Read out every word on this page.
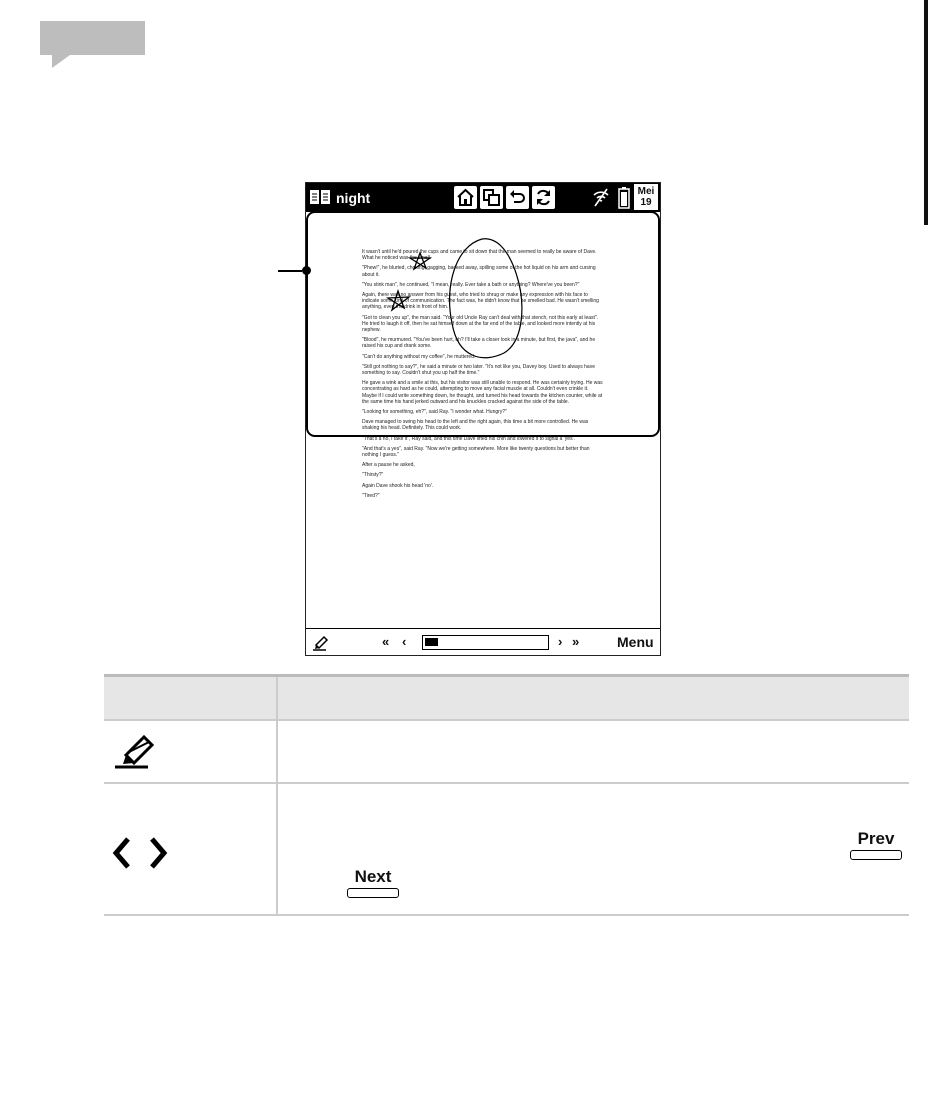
night	Mei
19

It wasn't until he'd poured the cups and came to sit down that the man seemed to really be aware of Dave. What he noticed was the smell.

"Phew!", he blurted, choking, gagging, backed away, spilling some of the hot liquid on his arm and cursing about it.

"You stink man", he continued, "I mean, really. Ever take a bath or anything? Where've you been?"

Again, there was no answer from his guest, who tried to shrug or make any expression with his face to indicate some kind of communication. The fact was, he didn't know that he smelled bad. He wasn't smelling anything, even the drink in front of him.

"Got to clean you up", the man said. "Your old Uncle Ray can't deal with that stench, not this early at least". He tried to laugh it off, then he sat himself down at the far end of the table, and looked more intently at his nephew.

"Blood", he murmured. "You've been hurt, eh? I'll take a closer look in a minute, but first, the java", and he raised his cup and drank some.

"Can't do anything without my coffee", he muttered.

"Still got nothing to say?", he said a minute or two later. "It's not like you, Davey boy. Used to always have something to say. Couldn't shut you up half the time."

He gave a wink and a smile at this, but his visitor was still unable to respond. He was certainly trying. He was concentrating as hard as he could, attempting to move any facial muscle at all. Couldn't even crinkle it. Maybe if I could write something down, he thought, and turned his head towards the kitchen counter, while at the same time his hand jerked outward and his knuckles cracked against the side of the table.

"Looking for something, eh?", said Ray. "I wonder what. Hungry?"

Dave managed to swing his head to the left and the right again, this time a bit more controlled. He was shaking his head. Definitely. This could work.

"That's a no, I take it", Ray said, and this time Dave lifted his chin and lowered it to signal a 'yes'.

"And that's a yes", said Ray. "Now we're getting somewhere. More like twenty questions but better than nothing I guess."

After a pause he asked,

"Thirsty?"

Again Dave shook his head 'no'.

"Tired?"

« ‹	› »	Menu
Prev
Next
